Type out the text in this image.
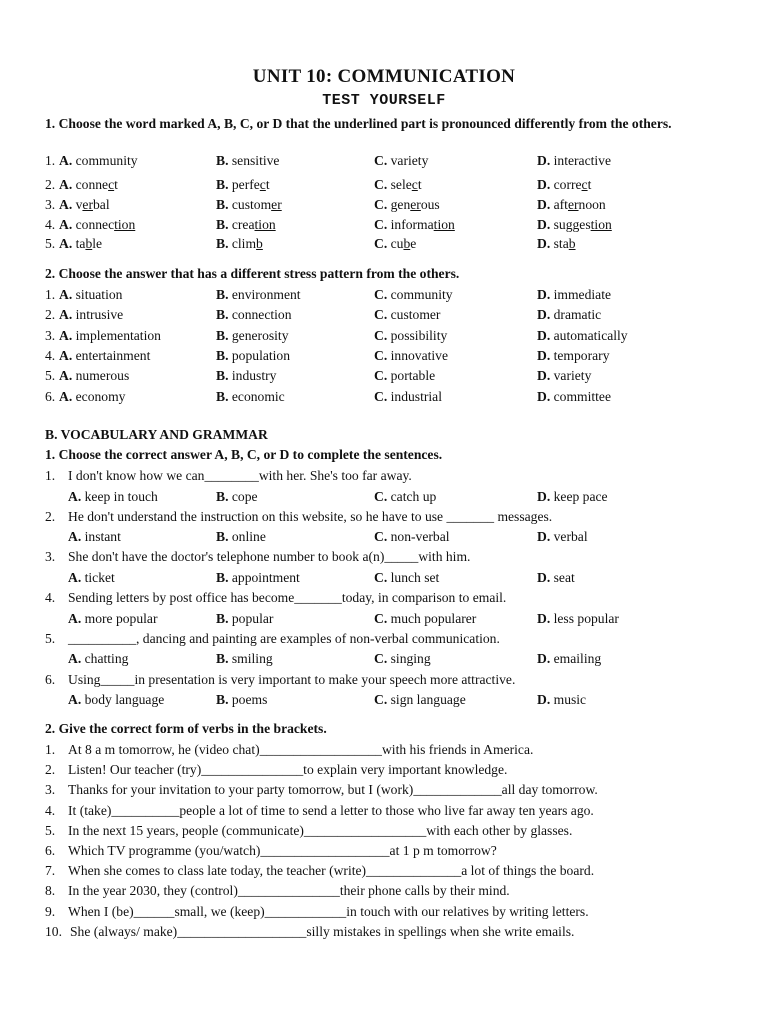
UNIT 10: COMMUNICATION
TEST YOURSELF
1. Choose the word marked A, B, C, or D that the underlined part is pronounced differently from the others.
1. A. community	B. sensitive	C. variety	D. interactive
2. A. connect	B. perfect	C. select	D. correct
3. A. verbal	B. customer	C. generous	D. afternoon
4. A. connection	B. creation	C. information	D. suggestion
5. A. table	B. climb	C. cube	D. stab
2. Choose the answer that has a different stress pattern from the others.
1. A. situation	B. environment	C. community	D. immediate
2. A. intrusive	B. connection	C. customer	D. dramatic
3. A. implementation	B. generosity	C. possibility	D. automatically
4. A. entertainment	B. population	C. innovative	D. temporary
5. A. numerous	B. industry	C. portable	D. variety
6. A. economy	B. economic	C. industrial	D. committee
B. VOCABULARY AND GRAMMAR
1. Choose the correct answer A, B, C, or D to complete the sentences.
1. I don't know how we can________with her. She's too far away.
A. keep in touch	B. cope	C. catch up	D. keep pace
2. He don't understand the instruction on this website, so he have to use _______ messages.
A. instant	B. online	C. non-verbal	D. verbal
3. She don't have the doctor's telephone number to book a(n)_____with him.
A. ticket	B. appointment	C. lunch set	D. seat
4. Sending letters by post office has become_______today, in comparison to email.
A. more popular	B. popular	C. much popularer	D. less popular
5. __________, dancing and painting are examples of non-verbal communication.
A. chatting	B. smiling	C. singing	D. emailing
6. Using_____in presentation is very important to make your speech more attractive.
A. body language	B. poems	C. sign language	D. music
2. Give the correct form of verbs in the brackets.
1. At 8 a m tomorrow, he (video chat)__________________with his friends in America.
2. Listen! Our teacher (try)_______________to explain very important knowledge.
3. Thanks for your invitation to your party tomorrow, but I (work)_____________all day tomorrow.
4. It (take)__________people a lot of time to send a letter to those who live far away ten years ago.
5. In the next 15 years, people (communicate)__________________with each other by glasses.
6. Which TV programme (you/watch)___________________at 1 p m tomorrow?
7. When she comes to class late today, the teacher (write)______________a lot of things the board.
8. In the year 2030, they (control)_______________their phone calls by their mind.
9. When I (be)______small, we (keep)____________in touch with our relatives by writing letters.
10. She (always/ make)___________________silly mistakes in spellings when she write emails.
